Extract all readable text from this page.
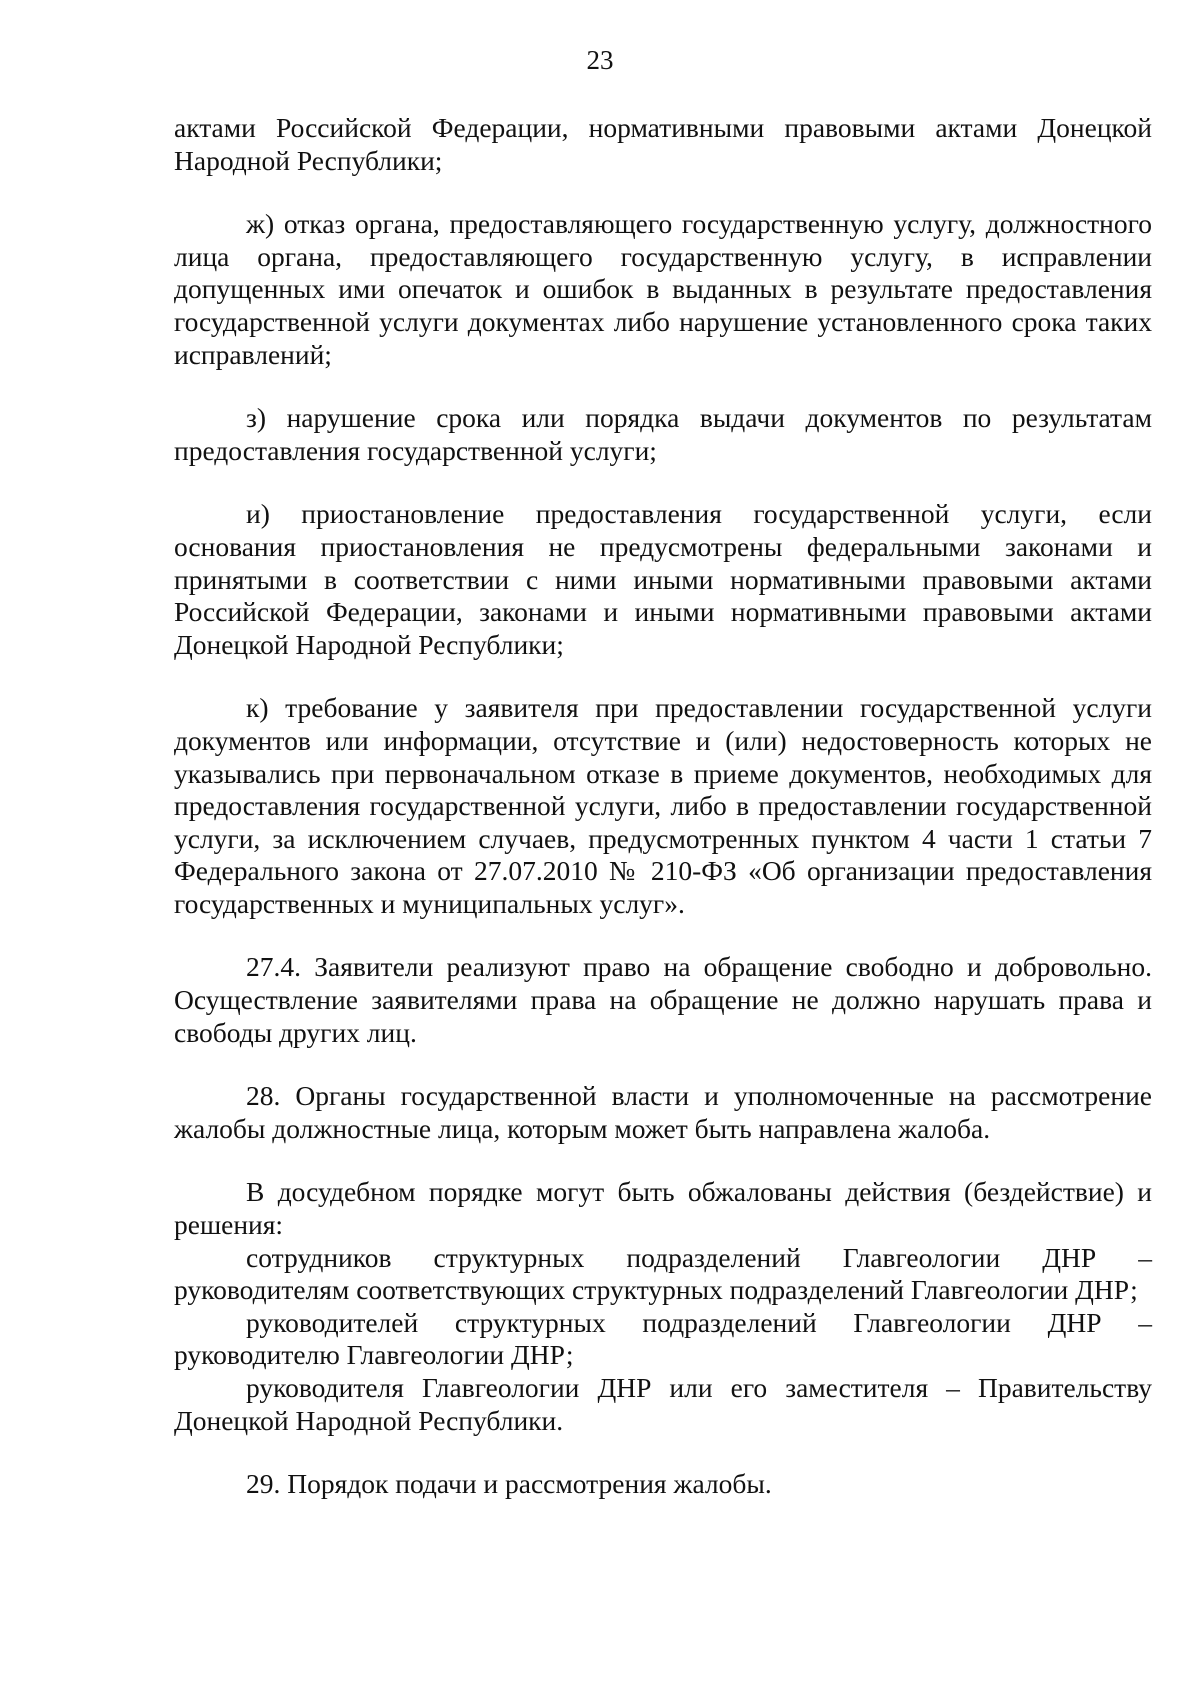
23

актами Российской Федерации, нормативными правовыми актами Донецкой Народной Республики;

ж) отказ органа, предоставляющего государственную услугу, должностного лица органа, предоставляющего государственную услугу, в исправлении допущенных ими опечаток и ошибок в выданных в результате предоставления государственной услуги документах либо нарушение установленного срока таких исправлений;

з) нарушение срока или порядка выдачи документов по результатам предоставления государственной услуги;

и) приостановление предоставления государственной услуги, если основания приостановления не предусмотрены федеральными законами и принятыми в соответствии с ними иными нормативными правовыми актами Российской Федерации, законами и иными нормативными правовыми актами Донецкой Народной Республики;

к) требование у заявителя при предоставлении государственной услуги документов или информации, отсутствие и (или) недостоверность которых не указывались при первоначальном отказе в приеме документов, необходимых для предоставления государственной услуги, либо в предоставлении государственной услуги, за исключением случаев, предусмотренных пунктом 4 части 1 статьи 7 Федерального закона от 27.07.2010 № 210-ФЗ «Об организации предоставления государственных и муниципальных услуг».

27.4. Заявители реализуют право на обращение свободно и добровольно. Осуществление заявителями права на обращение не должно нарушать права и свободы других лиц.

28. Органы государственной власти и уполномоченные на рассмотрение жалобы должностные лица, которым может быть направлена жалоба.

В досудебном порядке могут быть обжалованы действия (бездействие) и решения:

сотрудников структурных подразделений Главгеологии ДНР – руководителям соответствующих структурных подразделений Главгеологии ДНР;

руководителей структурных подразделений Главгеологии ДНР – руководителю Главгеологии ДНР;

руководителя Главгеологии ДНР или его заместителя – Правительству Донецкой Народной Республики.

29. Порядок подачи и рассмотрения жалобы.
